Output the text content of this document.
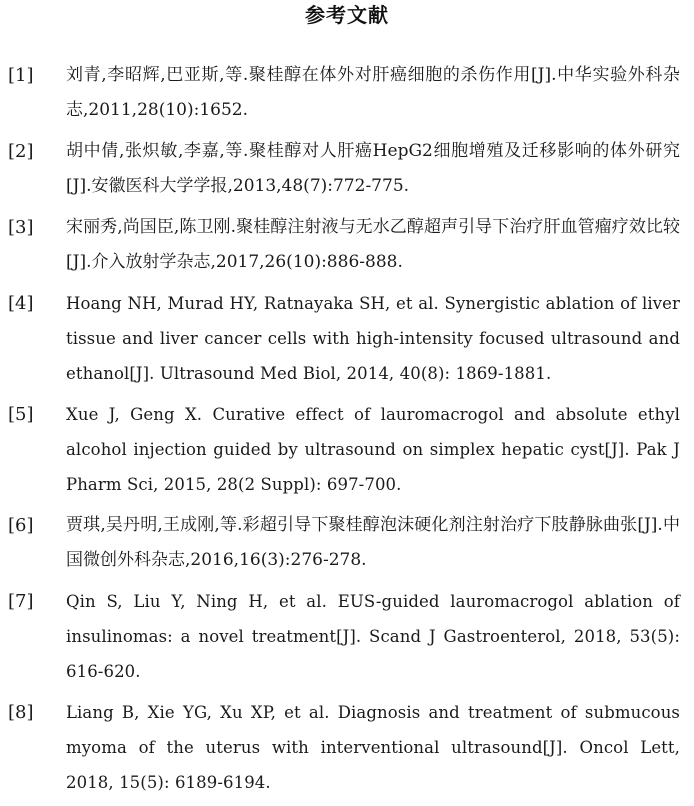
参考文献
[1] 刘青,李昭辉,巴亚斯,等.聚桂醇在体外对肝癌细胞的杀伤作用[J].中华实验外科杂志,2011,28(10):1652.
[2] 胡中倩,张炽敏,李嘉,等.聚桂醇对人肝癌HepG2细胞增殖及迁移影响的体外研究[J].安徽医科大学学报,2013,48(7):772-775.
[3] 宋丽秀,尚国臣,陈卫刚.聚桂醇注射液与无水乙醇超声引导下治疗肝血管瘤疗效比较[J].介入放射学杂志,2017,26(10):886-888.
[4] Hoang NH, Murad HY, Ratnayaka SH, et al. Synergistic ablation of liver tissue and liver cancer cells with high-intensity focused ultrasound and ethanol[J]. Ultrasound Med Biol, 2014, 40(8): 1869-1881.
[5] Xue J, Geng X. Curative effect of lauromacrogol and absolute ethyl alcohol injection guided by ultrasound on simplex hepatic cyst[J]. Pak J Pharm Sci, 2015, 28(2 Suppl): 697-700.
[6] 贾琪,吴丹明,王成刚,等.彩超引导下聚桂醇泡沫硬化剂注射治疗下肢静脉曲张[J].中国微创外科杂志,2016,16(3):276-278.
[7] Qin S, Liu Y, Ning H, et al. EUS-guided lauromacrogol ablation of insulinomas: a novel treatment[J]. Scand J Gastroenterol, 2018, 53(5): 616-620.
[8] Liang B, Xie YG, Xu XP, et al. Diagnosis and treatment of submucous myoma of the uterus with interventional ultrasound[J]. Oncol Lett, 2018, 15(5): 6189-6194.
